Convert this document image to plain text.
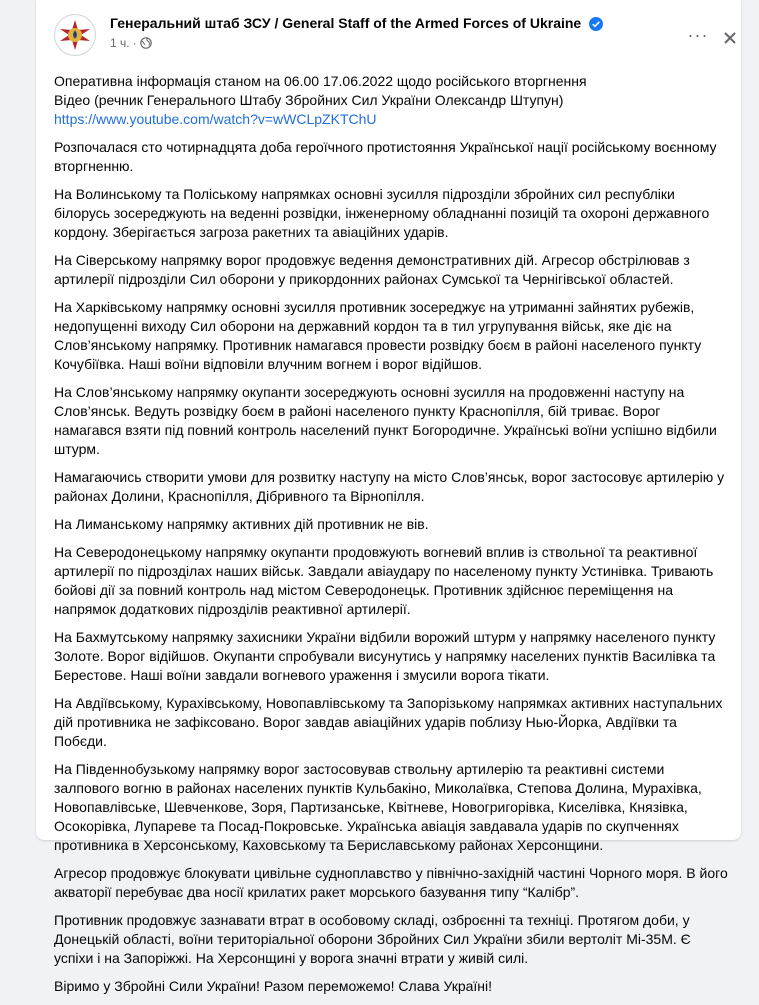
Генеральний штаб ЗСУ / General Staff of the Armed Forces of Ukraine
1 ч. ·	···

Оперативна інформація станом на 06.00 17.06.2022 щодо російського вторгнення
Відео (речник Генерального Штабу Збройних Сил України Олександр Штупун) https://www.youtube.com/watch?v=wWCLpZKTChU

Розпочалася сто чотирнадцята доба героїчного протистояння Української нації російському воєнному вторгненню.

На Волинському та Поліському напрямках основні зусилля підрозділи збройних сил республіки білорусь зосереджують на веденні розвідки, інженерному обладнанні позицій та охороні державного кордону. Зберігається загроза ракетних та авіаційних ударів.

На Сіверському напрямку ворог продовжує ведення демонстративних дій. Агресор обстрілював з артилерії підрозділи Сил оборони у прикордонних районах Сумської та Чернігівської областей.

На Харківському напрямку основні зусилля противник зосереджує на утриманні зайнятих рубежів, недопущенні виходу Сил оборони на державний кордон та в тил угрупування військ, яке діє на Слов’янському напрямку. Противник намагався провести розвідку боєм в районі населеного пункту Кочубіївка. Наші воїни відповіли влучним вогнем і ворог відійшов.

На Слов’янському напрямку окупанти зосереджують основні зусилля на продовженні наступу на Слов’янськ. Ведуть розвідку боєм в районі населеного пункту Краснопілля, бій триває. Ворог намагався взяти під повний контроль населений пункт Богородичне. Українські воїни успішно відбили штурм.

Намагаючись створити умови для розвитку наступу на місто Слов’янськ, ворог застосовує артилерію у районах Долини, Краснопілля, Дібривного та Вірнопілля.

На Лиманському напрямку активних дій противник не вів.

На Северодонецькому напрямку окупанти продовжують вогневий вплив із ствольної та реактивної артилерії по підрозділах наших військ. Завдали авіаудару по населеному пункту Устинівка. Тривають бойові дії за повний контроль над містом Северодонецьк. Противник здійснює переміщення на напрямок додаткових підрозділів реактивної артилерії.

На Бахмутському напрямку захисники України відбили ворожий штурм у напрямку населеного пункту Золоте. Ворог відійшов. Окупанти спробували висунутись у напрямку населених пунктів Василівка та Берестове. Наші воїни завдали вогневого ураження і змусили ворога тікати.

На Авдіївському, Курахівському, Новопавлівському та Запорізькому напрямках активних наступальних дій противника не зафіксовано. Ворог завдав авіаційних ударів поблизу Нью-Йорка, Авдіївки та Побєди.

На Південнобузькому напрямку ворог застосовував ствольну артилерію та реактивні системи залпового вогню в районах населених пунктів Кульбакіно, Миколаївка, Степова Долина, Мурахівка, Новопавлівське, Шевченкове, Зоря, Партизанське, Квітневе, Новогригорівка, Киселівка, Князівка, Осокорівка, Лупареве та Посад-Покровське. Українська авіація завдавала ударів по скупченнях противника в Херсонському, Каховському та Бериславському районах Херсонщини.

Агресор продовжує блокувати цивільне судноплавство у північно-західній частині Чорного моря. В його акваторії перебуває два носії крилатих ракет морського базування типу “Калібр”.

Противник продовжує зазнавати втрат в особовому складі, озброєнні та техніці. Протягом доби, у Донецькій області, воїни територіальної оборони Збройних Сил України збили вертоліт Мі-35М. Є успіхи і на Запоріжжі. На Херсонщині у ворога значні втрати у живій силі.

Віримо у Збройні Сили України! Разом переможемо! Слава Україні!
